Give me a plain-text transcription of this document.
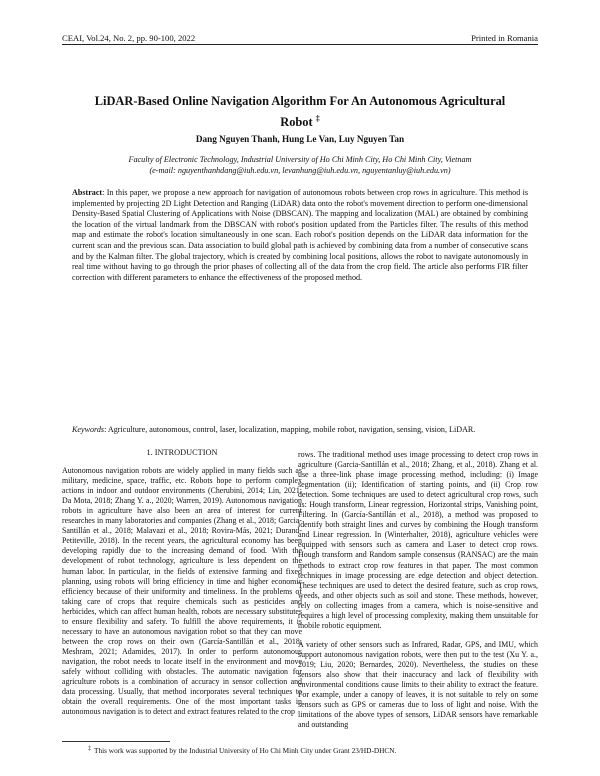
CEAI, Vol.24, No. 2, pp. 90-100, 2022	Printed in Romania
LiDAR-Based Online Navigation Algorithm For An Autonomous Agricultural Robot ‡
Dang Nguyen Thanh, Hung Le Van, Luy Nguyen Tan
Faculty of Electronic Technology, Industrial University of Ho Chi Minh City, Ho Chi Minh City, Vietnam
(e-mail: nguyenthanhdang@iuh.edu.vn, levanhung@iuh.edu.vn, nguyentanluy@iuh.edu.vn)
Abstract: In this paper, we propose a new approach for navigation of autonomous robots between crop rows in agriculture. This method is implemented by projecting 2D Light Detection and Ranging (LiDAR) data onto the robot's movement direction to perform one-dimensional Density-Based Spatial Clustering of Applications with Noise (DBSCAN). The mapping and localization (MAL) are obtained by combining the location of the virtual landmark from the DBSCAN with robot's position updated from the Particles filter. The results of this method map and estimate the robot's location simultaneously in one scan. Each robot's position depends on the LiDAR data information for the current scan and the previous scan. Data association to build global path is achieved by combining data from a number of consecutive scans and by the Kalman filter. The global trajectory, which is created by combining local positions, allows the robot to navigate autonomously in real time without having to go through the prior phases of collecting all of the data from the crop field. The article also performs FIR filter correction with different parameters to enhance the effectiveness of the proposed method.
Keywords: Agriculture, autonomous, control, laser, localization, mapping, mobile robot, navigation, sensing, vision, LiDAR.
1. INTRODUCTION

Autonomous navigation robots are widely applied in many fields such as military, medicine, space, traffic, etc. Robots hope to perform complex actions in indoor and outdoor environments (Cherubini, 2014; Lin, 2021; Da Mota, 2018; Zhang Y. a., 2020; Warren, 2019). Autonomous navigation robots in agriculture have also been an area of interest for current researches in many laboratories and companies (Zhang et al., 2018; Garcia-Santillán et al., 2018; Malavazi et al., 2018; Rovira-Más, 2021; Durand-Petiteville, 2018). In the recent years, the agricultural economy has been developing rapidly due to the increasing demand of food. With the development of robot technology, agriculture is less dependent on the human labor. In particular, in the fields of extensive farming and fixed planning, using robots will bring efficiency in time and higher economic efficiency because of their uniformity and timeliness. In the problems of taking care of crops that require chemicals such as pesticides and herbicides, which can affect human health, robots are necessary substitutes to ensure flexibility and safety. To fulfill the above requirements, it is necessary to have an autonomous navigation robot so that they can move between the crop rows on their own (García-Santillán et al., 2018; Meshram, 2021; Adamides, 2017). In order to perform autonomous navigation, the robot needs to locate itself in the environment and move safely without colliding with obstacles. The automatic navigation for agriculture robots is a combination of accuracy in sensor collection and data processing. Usually, that method incorporates several techniques to obtain the overall requirements. One of the most important tasks in autonomous navigation is to detect and extract features related to the crop

rows. The traditional method uses image processing to detect crop rows in agriculture (Garcia-Santillán et al., 2018; Zhang, et al., 2018). Zhang et al. use a three-link phase image processing method, including: (i) Image segmentation (ii); Identification of starting points, and (ii) Crop row detection. Some techniques are used to detect agricultural crop rows, such as: Hough transform, Linear regression, Horizontal strips, Vanishing point, Filtering. In (García-Santillán et al., 2018), a method was proposed to identify both straight lines and curves by combining the Hough transform and Linear regression. In (Winterhalter, 2018), agriculture vehicles were equipped with sensors such as camera and Laser to detect crop rows. Hough transform and Random sample consensus (RANSAC) are the main methods to extract crop row features in that paper. The most common techniques in image processing are edge detection and object detection. These techniques are used to detect the desired feature, such as crop rows, weeds, and other objects such as soil and stone. These methods, however, rely on collecting images from a camera, which is noise-sensitive and requires a high level of processing complexity, making them unsuitable for mobile robotic equipment.

A variety of other sensors such as Infrared, Radar, GPS, and IMU, which support autonomous navigation robots, were then put to the test (Xu Y. a., 2019; Liu, 2020; Bernardes, 2020). Nevertheless, the studies on these sensors also show that their inaccuracy and lack of flexibility with environmental conditions cause limits to their ability to extract the feature. For example, under a canopy of leaves, it is not suitable to rely on some sensors such as GPS or cameras due to loss of light and noise. With the limitations of the above types of sensors, LiDAR sensors have remarkable and outstanding

‡ This work was supported by the Industrial University of Ho Chi Minh City under Grant 23/HD-DHCN.
